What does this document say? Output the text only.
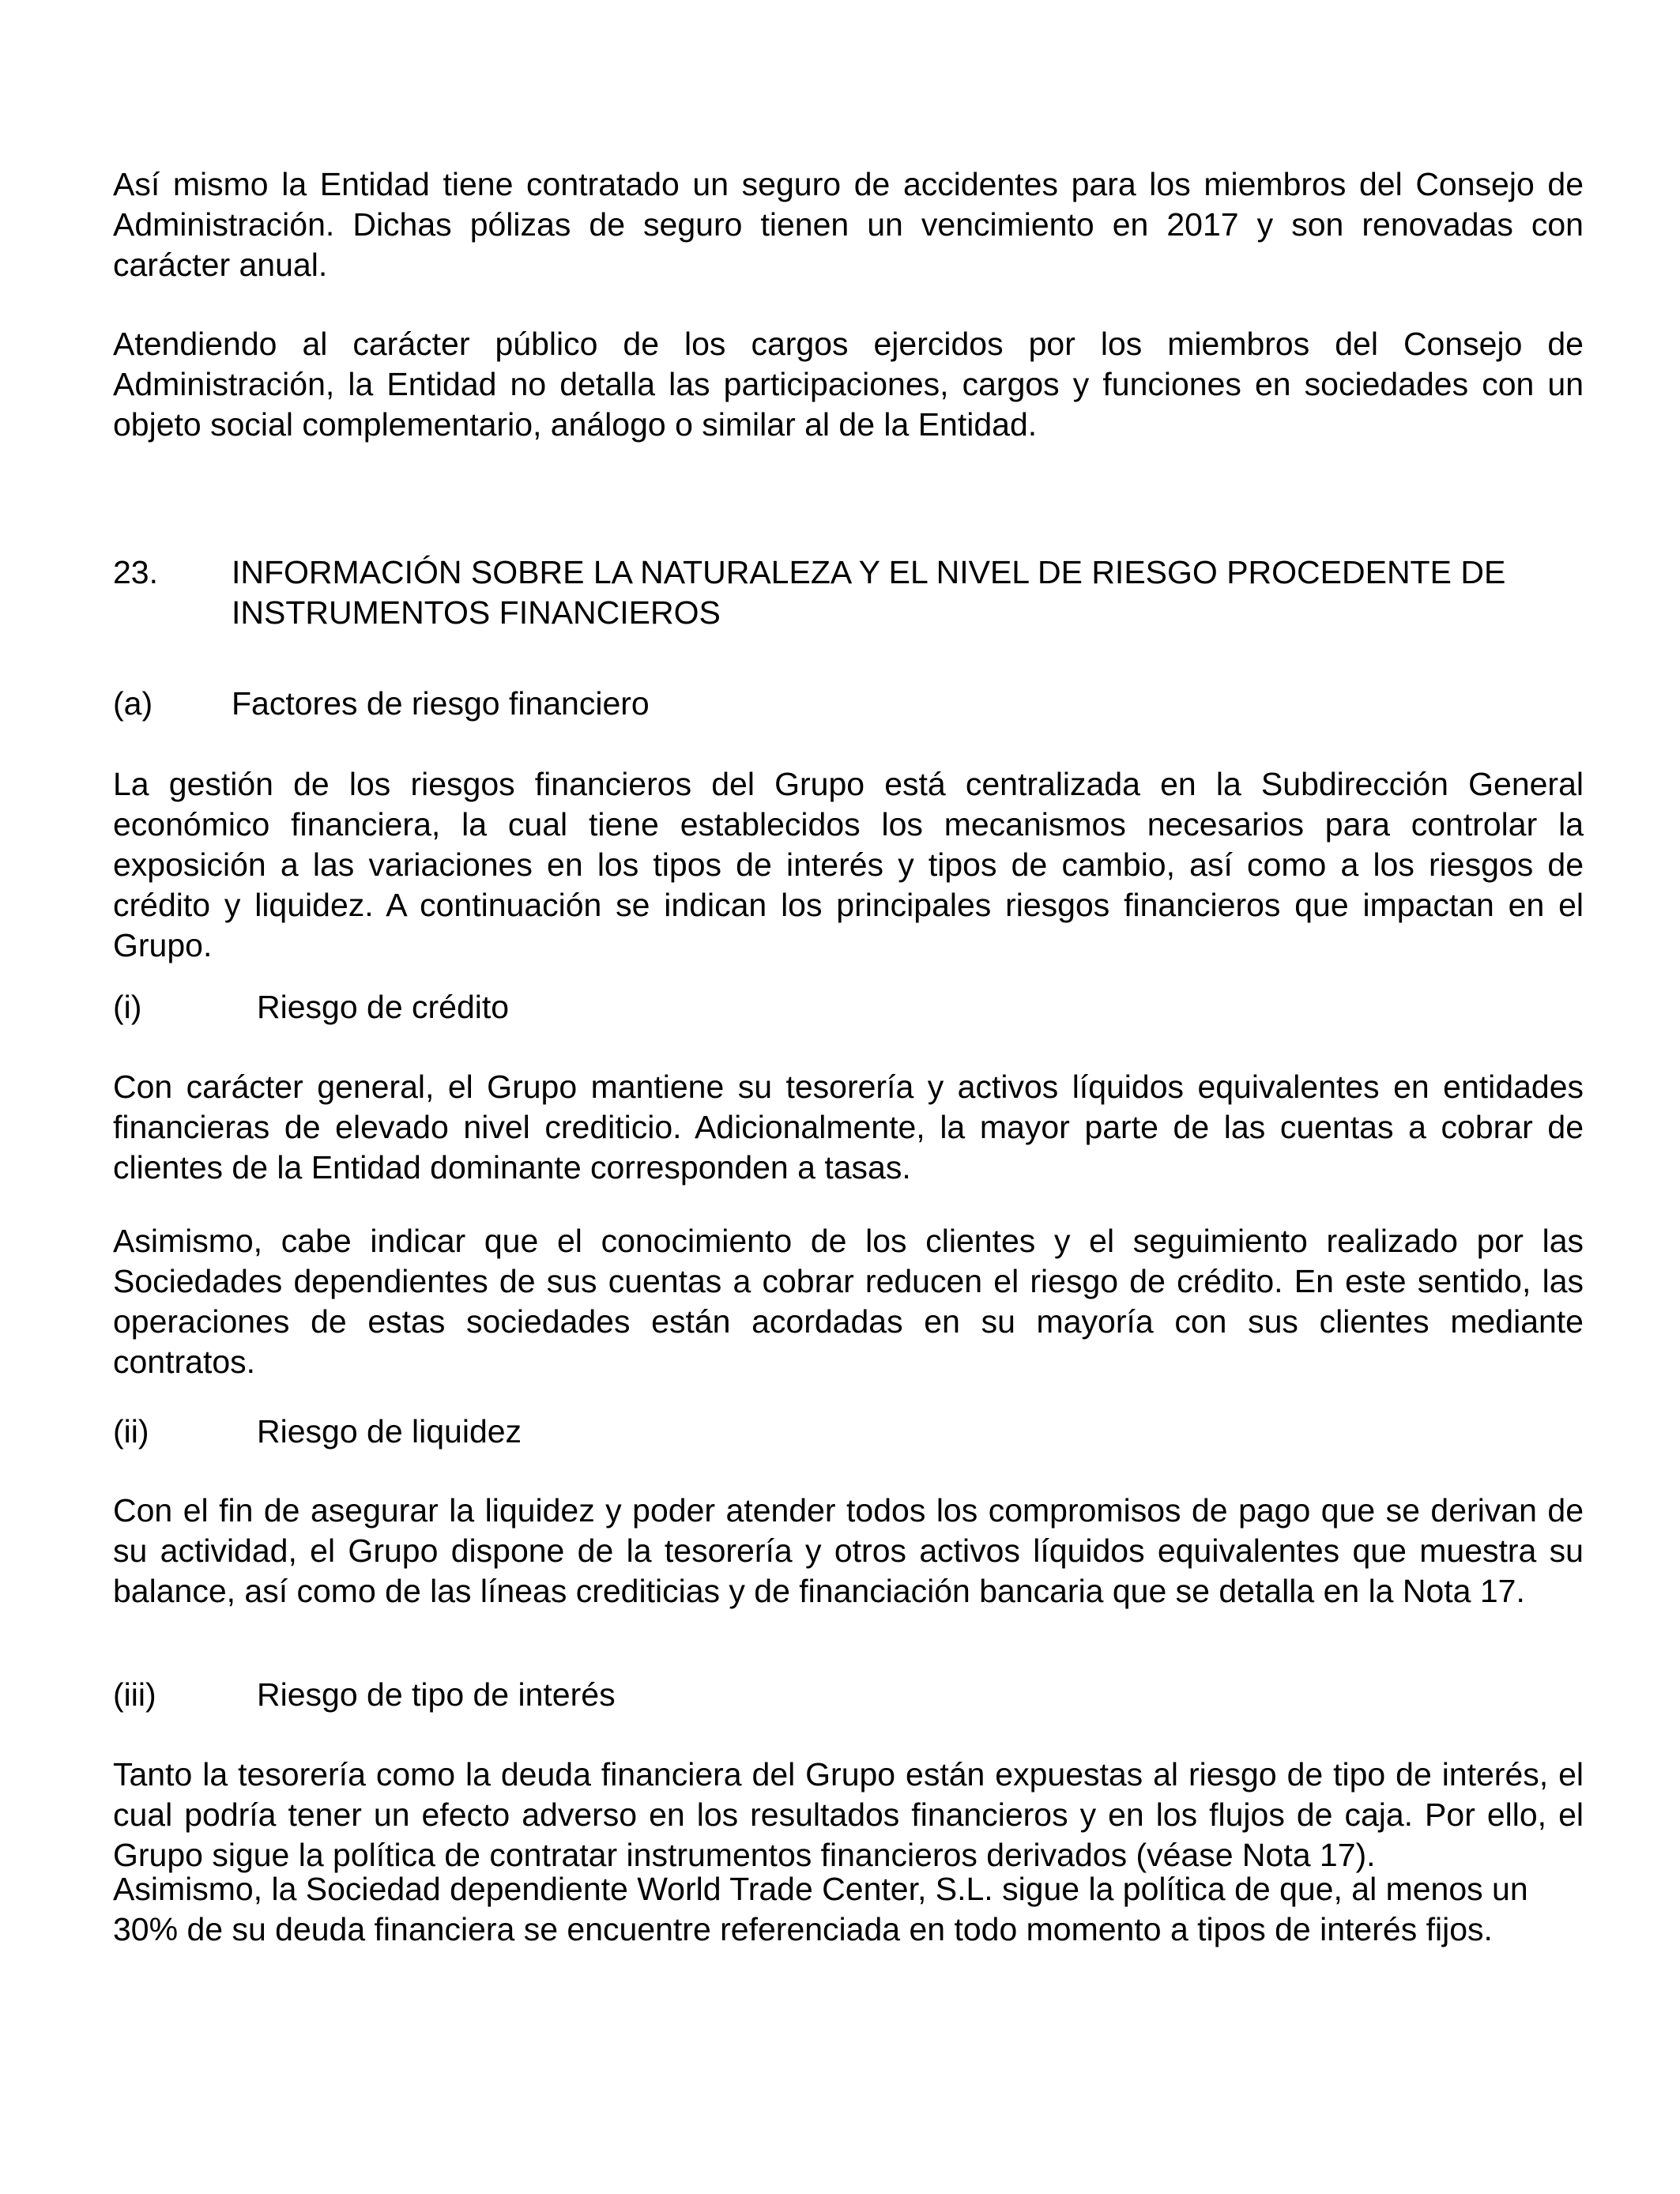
Así mismo la Entidad tiene contratado un seguro de accidentes para los miembros del Consejo de Administración. Dichas pólizas de seguro tienen un vencimiento en 2017 y son renovadas con carácter anual.

Atendiendo al carácter público de los cargos ejercidos por los miembros del Consejo de Administración, la Entidad no detalla las participaciones, cargos y funciones en sociedades con un objeto social complementario, análogo o similar al de la Entidad.

23. INFORMACIÓN SOBRE LA NATURALEZA Y EL NIVEL DE RIESGO PROCEDENTE DE INSTRUMENTOS FINANCIEROS
(a) Factores de riesgo financiero

La gestión de los riesgos financieros del Grupo está centralizada en la Subdirección General económico financiera, la cual tiene establecidos los mecanismos necesarios para controlar la exposición a las variaciones en los tipos de interés y tipos de cambio, así como a los riesgos de crédito y liquidez. A continuación se indican los principales riesgos financieros que impactan en el Grupo.

(i)	Riesgo de crédito

Con carácter general, el Grupo mantiene su tesorería y activos líquidos equivalentes en entidades financieras de elevado nivel crediticio. Adicionalmente, la mayor parte de las cuentas a cobrar de clientes de la Entidad dominante corresponden a tasas.

Asimismo, cabe indicar que el conocimiento de los clientes y el seguimiento realizado por las Sociedades dependientes de sus cuentas a cobrar reducen el riesgo de crédito. En este sentido, las operaciones de estas sociedades están acordadas en su mayoría con sus clientes mediante contratos.

(ii)	Riesgo de liquidez

Con el fin de asegurar la liquidez y poder atender todos los compromisos de pago que se derivan de su actividad, el Grupo dispone de la tesorería y otros activos líquidos equivalentes que muestra su balance, así como de las líneas crediticias y de financiación bancaria que se detalla en la Nota 17.

(iii)	Riesgo de tipo de interés

Tanto la tesorería como la deuda financiera del Grupo están expuestas al riesgo de tipo de interés, el cual podría tener un efecto adverso en los resultados financieros y en los flujos de caja. Por ello, el Grupo sigue la política de contratar instrumentos financieros derivados (véase Nota 17).

Asimismo, la Sociedad dependiente World Trade Center, S.L. sigue la política de que, al menos un 30% de su deuda financiera se encuentre referenciada en todo momento a tipos de interés fijos.
